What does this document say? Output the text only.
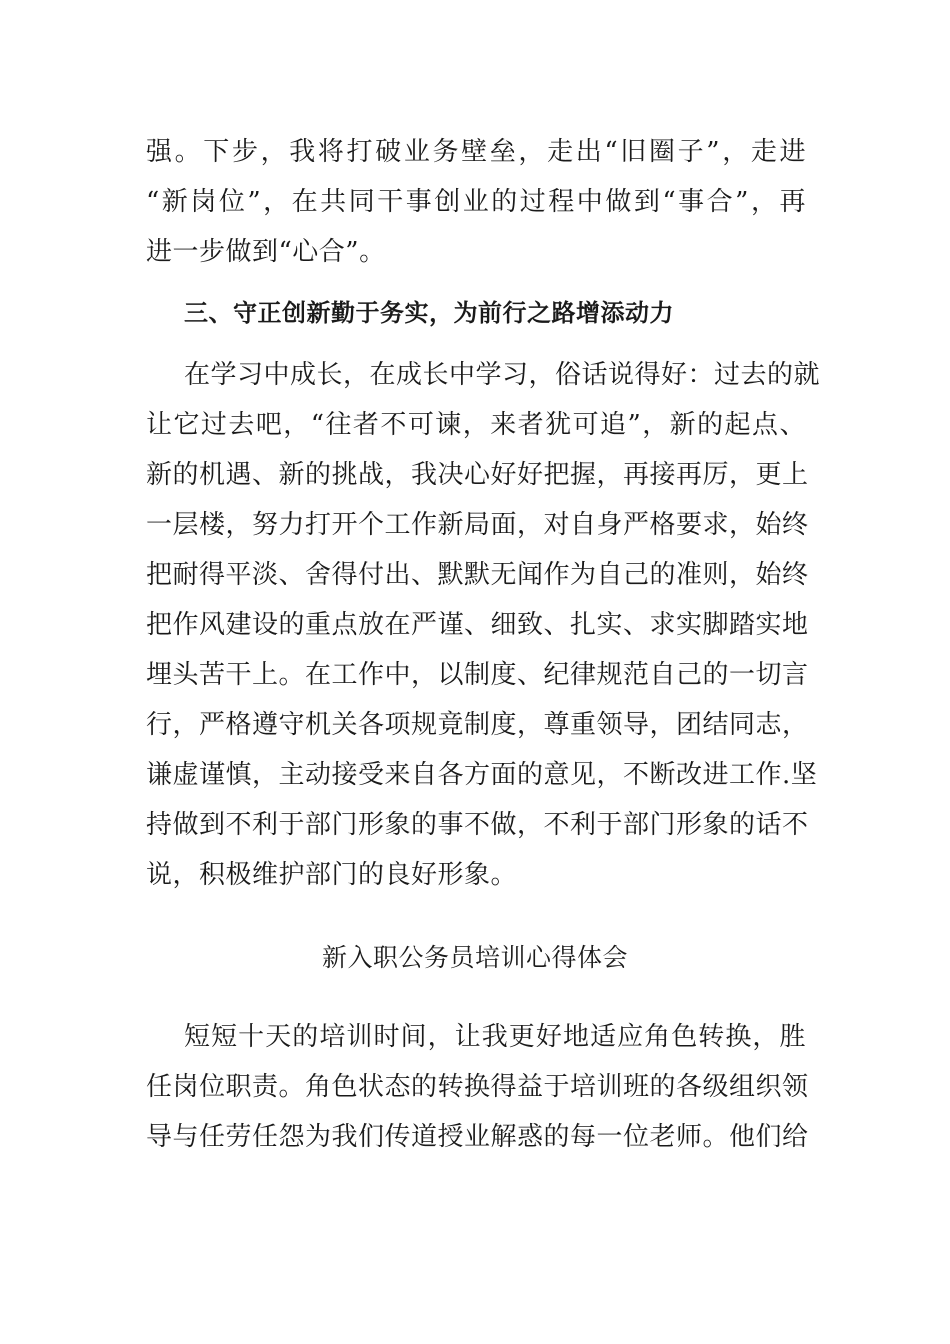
强。下步，我将打破业务壁垒，走出“旧圈子”，走进
“新岗位”，在共同干事创业的过程中做到“事合”，再
进一步做到“心合”。
三、守正创新勤于务实，为前行之路增添动力
在学习中成长，在成长中学习，俗话说得好：过去的就
让它过去吧，“往者不可谏，来者犹可追”，新的起点、
新的机遇、新的挑战，我决心好好把握，再接再厉，更上
一层楼，努力打开个工作新局面，对自身严格要求，始终
把耐得平淡、舍得付出、默默无闻作为自己的准则，始终
把作风建设的重点放在严谨、细致、扎实、求实脚踏实地
埋头苦干上。在工作中，以制度、纪律规范自己的一切言
行，严格遵守机关各项规竟制度，尊重领导，团结同志，
谦虚谨慎，主动接受来自各方面的意见，不断改进工作.坚
持做到不利于部门形象的事不做，不利于部门形象的话不
说，积极维护部门的良好形象。
新入职公务员培训心得体会
短短十天的培训时间，让我更好地适应角色转换，胜
任岗位职责。角色状态的转换得益于培训班的各级组织领
导与任劳任怨为我们传道授业解惑的每一位老师。他们给
